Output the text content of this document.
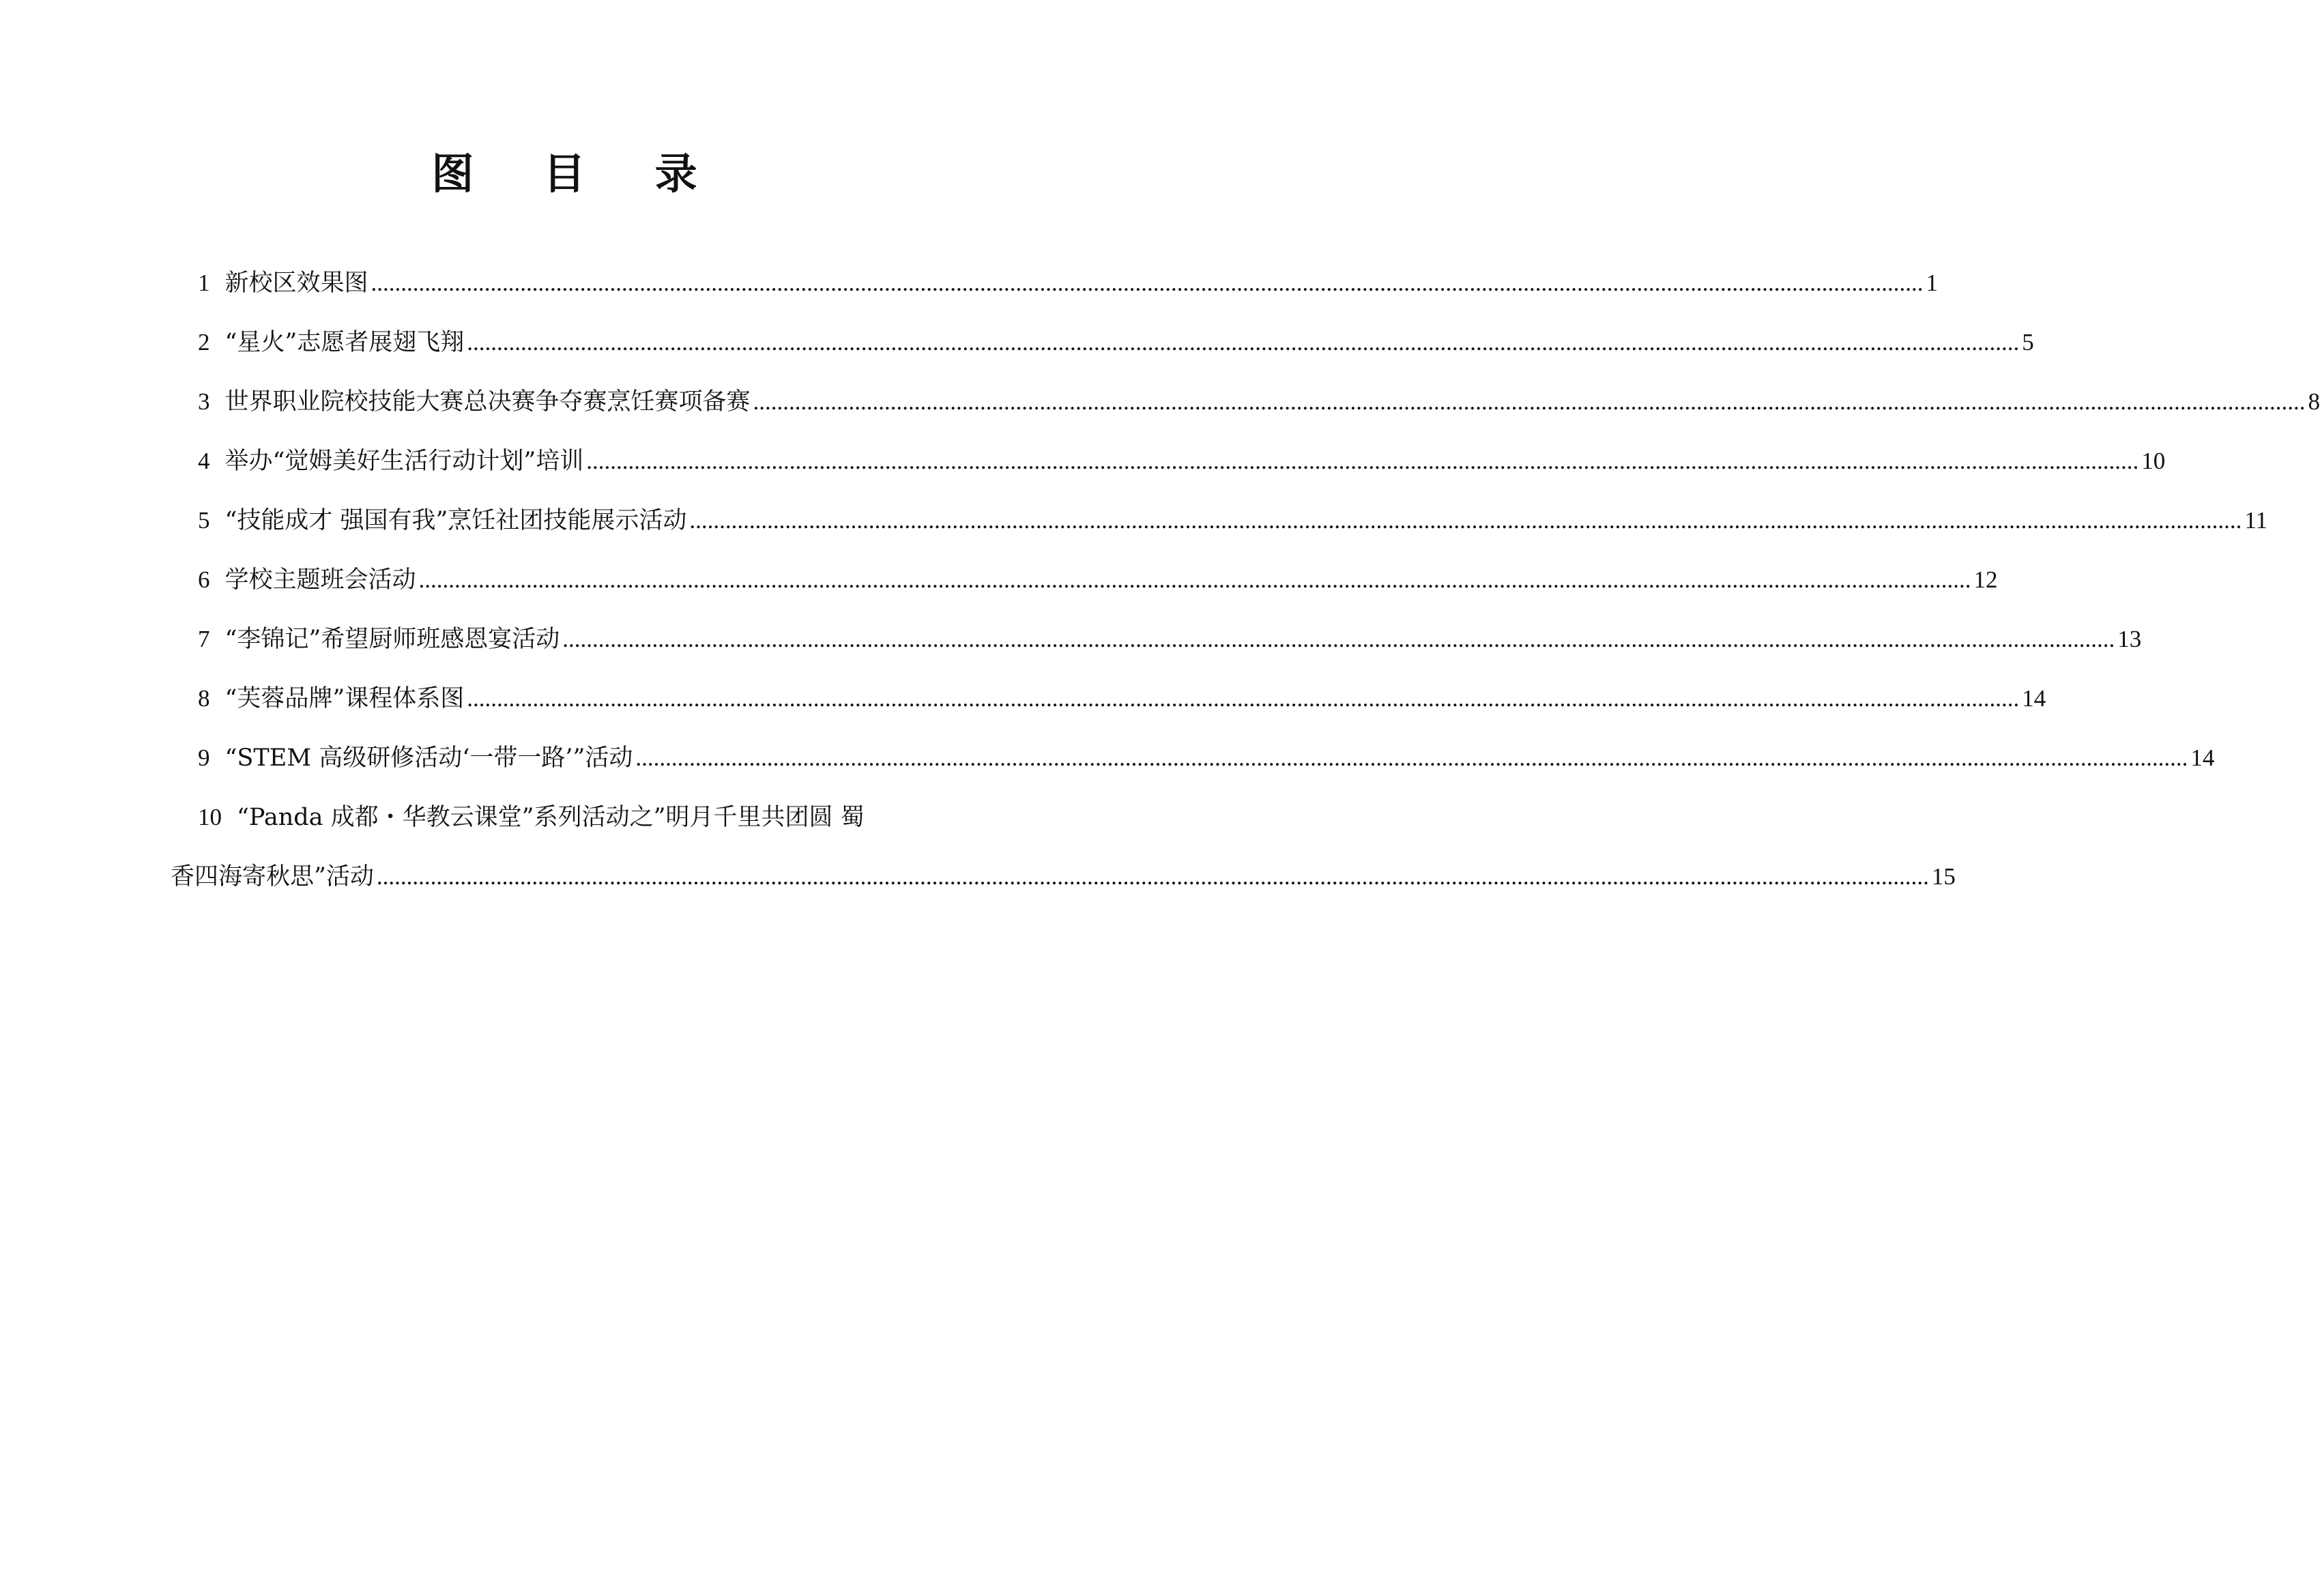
图 目 录
1 新校区效果图 .....	1
2 “星火”志愿者展翅飞翔 .....	5
3 世界职业院校技能大赛总决赛争夺赛烹饪赛项备赛 .....	8
4 举办“觉姆美好生活行动计划”培训 .....	10
5 “技能成才 强国有我”烹饪社团技能展示活动 .....	11
6 学校主题班会活动 .....	12
7 “李锦记”希望厨师班感恩宴活动 .....	13
8 “芙蓉品牌”课程体系图 .....	14
9 “STEM 高级研修活动‘一带一路’”活动 .....	14
10 “Panda 成都・华教云课堂”系列活动之”明月千里共团圆 蜀
香四海寄秋思”活动 .....	15
